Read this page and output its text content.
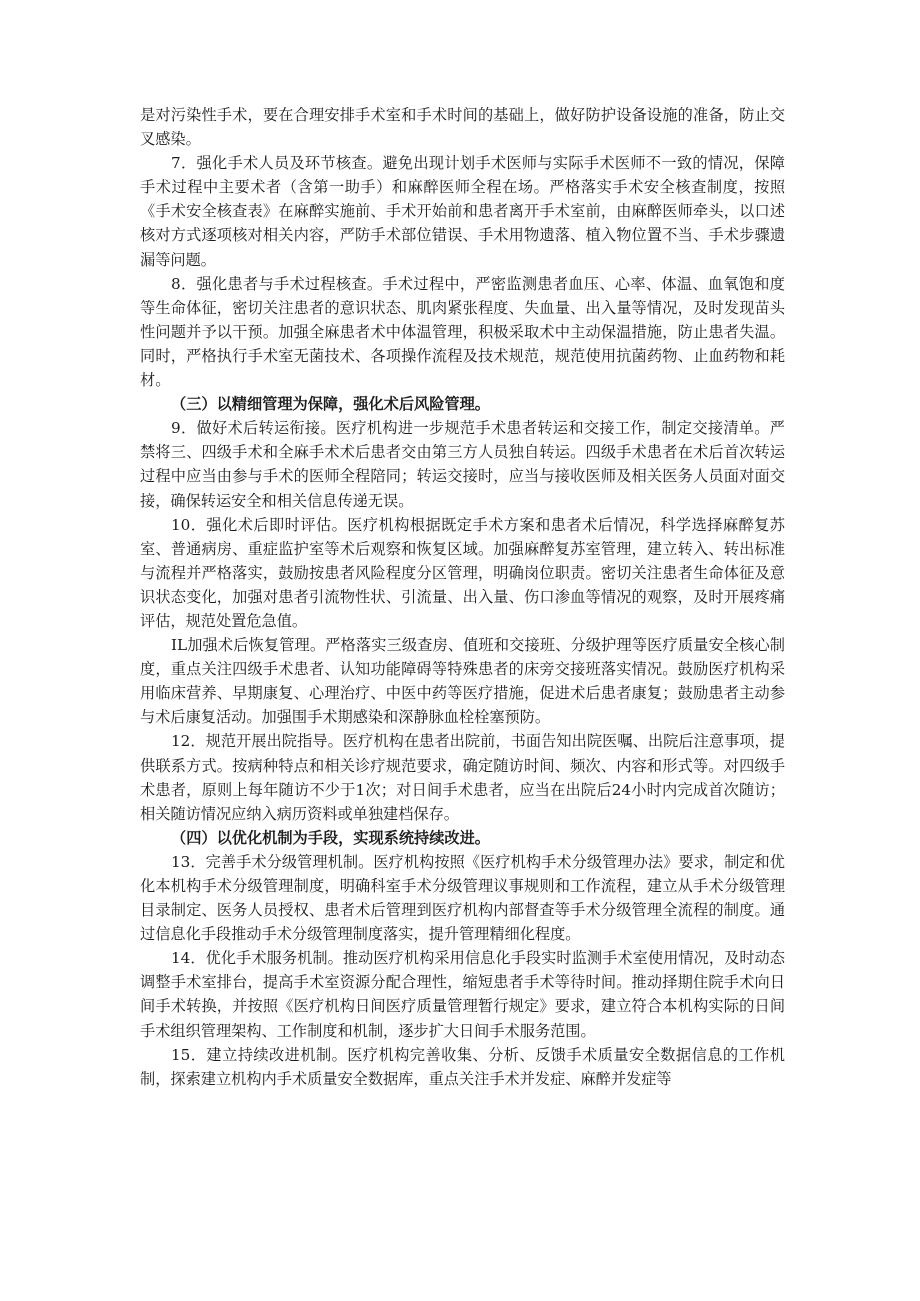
是对污染性手术，要在合理安排手术室和手术时间的基础上，做好防护设备设施的准备，防止交叉感染。

7．强化手术人员及环节核查。避免出现计划手术医师与实际手术医师不一致的情况，保障手术过程中主要术者（含第一助手）和麻醉医师全程在场。严格落实手术安全核查制度，按照《手术安全核查表》在麻醉实施前、手术开始前和患者离开手术室前，由麻醉医师牵头，以口述核对方式逐项核对相关内容，严防手术部位错误、手术用物遗落、植入物位置不当、手术步骤遗漏等问题。

8．强化患者与手术过程核查。手术过程中，严密监测患者血压、心率、体温、血氧饱和度等生命体征，密切关注患者的意识状态、肌肉紧张程度、失血量、出入量等情况，及时发现苗头性问题并予以干预。加强全麻患者术中体温管理，积极采取术中主动保温措施，防止患者失温。同时，严格执行手术室无菌技术、各项操作流程及技术规范，规范使用抗菌药物、止血药物和耗材。

（三）以精细管理为保障，强化术后风险管理。

9．做好术后转运衔接。医疗机构进一步规范手术患者转运和交接工作，制定交接清单。严禁将三、四级手术和全麻手术术后患者交由第三方人员独自转运。四级手术患者在术后首次转运过程中应当由参与手术的医师全程陪同；转运交接时，应当与接收医师及相关医务人员面对面交接，确保转运安全和相关信息传递无误。

10．强化术后即时评估。医疗机构根据既定手术方案和患者术后情况，科学选择麻醉复苏室、普通病房、重症监护室等术后观察和恢复区域。加强麻醉复苏室管理，建立转入、转出标准与流程并严格落实，鼓励按患者风险程度分区管理，明确岗位职责。密切关注患者生命体征及意识状态变化，加强对患者引流物性状、引流量、出入量、伤口渗血等情况的观察，及时开展疼痛评估，规范处置危急值。

IL加强术后恢复管理。严格落实三级查房、值班和交接班、分级护理等医疗质量安全核心制度，重点关注四级手术患者、认知功能障碍等特殊患者的床旁交接班落实情况。鼓励医疗机构采用临床营养、早期康复、心理治疗、中医中药等医疗措施，促进术后患者康复；鼓励患者主动参与术后康复活动。加强围手术期感染和深静脉血栓栓塞预防。

12．规范开展出院指导。医疗机构在患者出院前，书面告知出院医嘱、出院后注意事项，提供联系方式。按病种特点和相关诊疗规范要求，确定随访时间、频次、内容和形式等。对四级手术患者，原则上每年随访不少于1次；对日间手术患者，应当在出院后24小时内完成首次随访；相关随访情况应纳入病历资料或单独建档保存。

（四）以优化机制为手段，实现系统持续改进。

13．完善手术分级管理机制。医疗机构按照《医疗机构手术分级管理办法》要求，制定和优化本机构手术分级管理制度，明确科室手术分级管理议事规则和工作流程，建立从手术分级管理目录制定、医务人员授权、患者术后管理到医疗机构内部督查等手术分级管理全流程的制度。通过信息化手段推动手术分级管理制度落实，提升管理精细化程度。

14．优化手术服务机制。推动医疗机构采用信息化手段实时监测手术室使用情况，及时动态调整手术室排台，提高手术室资源分配合理性，缩短患者手术等待时间。推动择期住院手术向日间手术转换，并按照《医疗机构日间医疗质量管理暂行规定》要求，建立符合本机构实际的日间手术组织管理架构、工作制度和机制，逐步扩大日间手术服务范围。

15．建立持续改进机制。医疗机构完善收集、分析、反馈手术质量安全数据信息的工作机制，探索建立机构内手术质量安全数据库，重点关注手术并发症、麻醉并发症等
